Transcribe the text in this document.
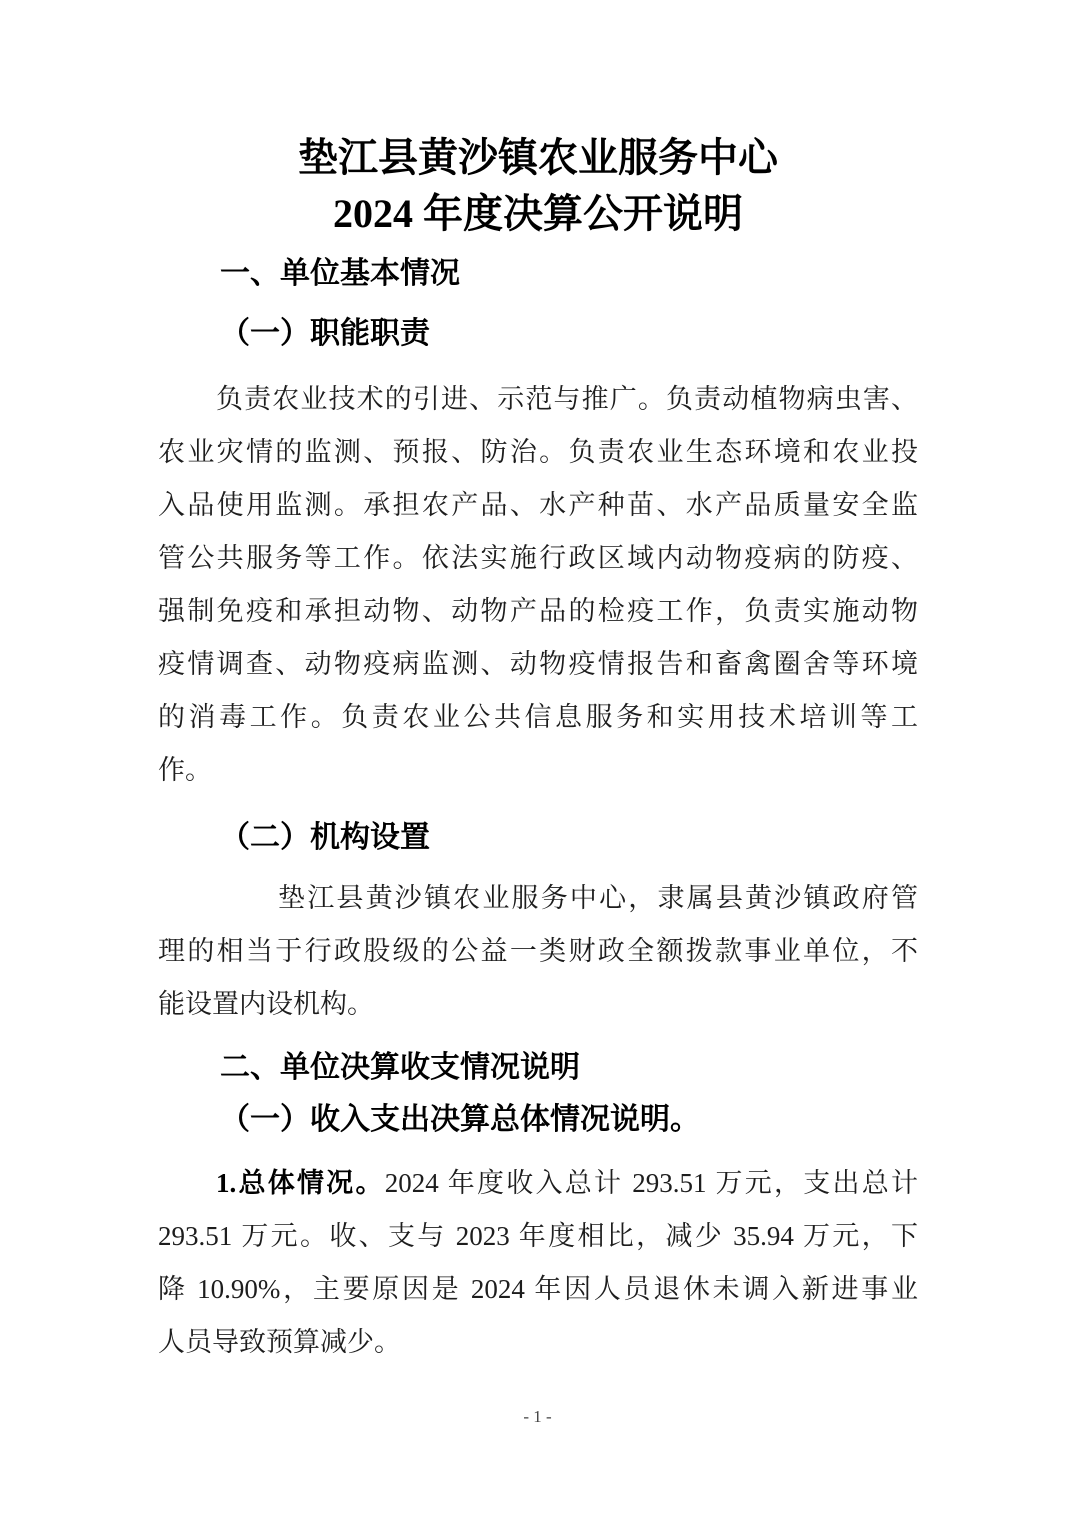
垫江县黄沙镇农业服务中心
2024 年度决算公开说明
一、单位基本情况
（一）职能职责
负责农业技术的引进、示范与推广。负责动植物病虫害、
农业灾情的监测、预报、防治。负责农业生态环境和农业投
入品使用监测。承担农产品、水产种苗、水产品质量安全监
管公共服务等工作。依法实施行政区域内动物疫病的防疫、
强制免疫和承担动物、动物产品的检疫工作，负责实施动物
疫情调查、动物疫病监测、动物疫情报告和畜禽圈舍等环境
的消毒工作。负责农业公共信息服务和实用技术培训等工
作。
（二）机构设置
垫江县黄沙镇农业服务中心，隶属县黄沙镇政府管
理的相当于行政股级的公益一类财政全额拨款事业单位，不
能设置内设机构。
二、单位决算收支情况说明
（一）收入支出决算总体情况说明。
1.总体情况。2024 年度收入总计 293.51 万元，支出总计
293.51 万元。收、支与 2023 年度相比，减少 35.94 万元，下
降 10.90%，主要原因是 2024 年因人员退休未调入新进事业
人员导致预算减少。
- 1 -
